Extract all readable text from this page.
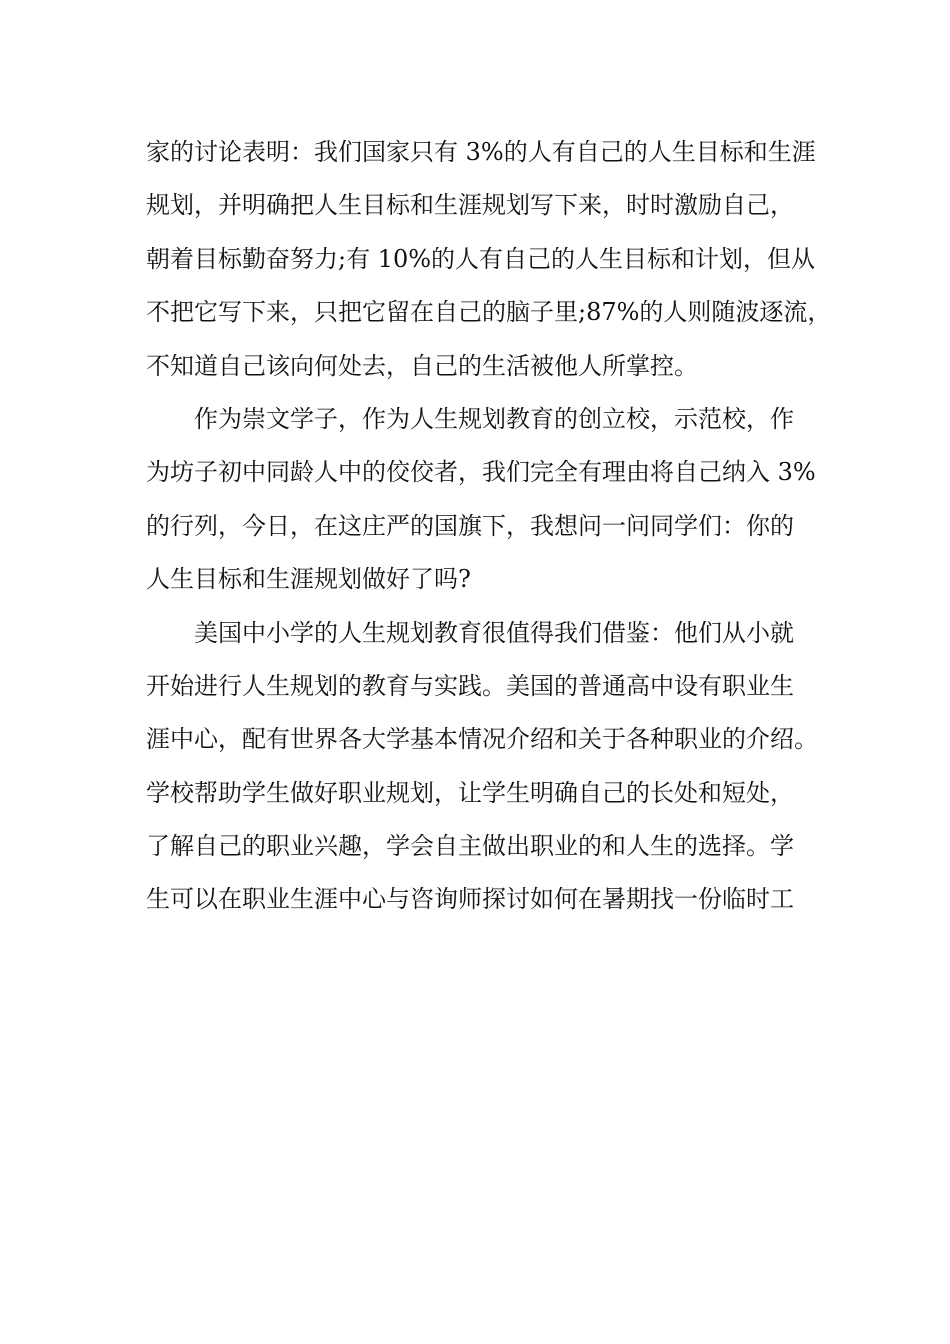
家的讨论表明：我们国家只有 3%的人有自己的人生目标和生涯
规划，并明确把人生目标和生涯规划写下来，时时激励自己，
朝着目标勤奋努力;有 10%的人有自己的人生目标和计划，但从
不把它写下来，只把它留在自己的脑子里;87%的人则随波逐流，
不知道自己该向何处去，自己的生活被他人所掌控。
作为崇文学子，作为人生规划教育的创立校，示范校，作
为坊子初中同龄人中的佼佼者，我们完全有理由将自己纳入 3%
的行列，今日，在这庄严的国旗下，我想问一问同学们：你的
人生目标和生涯规划做好了吗?
美国中小学的人生规划教育很值得我们借鉴：他们从小就
开始进行人生规划的教育与实践。美国的普通高中设有职业生
涯中心，配有世界各大学基本情况介绍和关于各种职业的介绍。
学校帮助学生做好职业规划，让学生明确自己的长处和短处，
了解自己的职业兴趣，学会自主做出职业的和人生的选择。学
生可以在职业生涯中心与咨询师探讨如何在暑期找一份临时工
